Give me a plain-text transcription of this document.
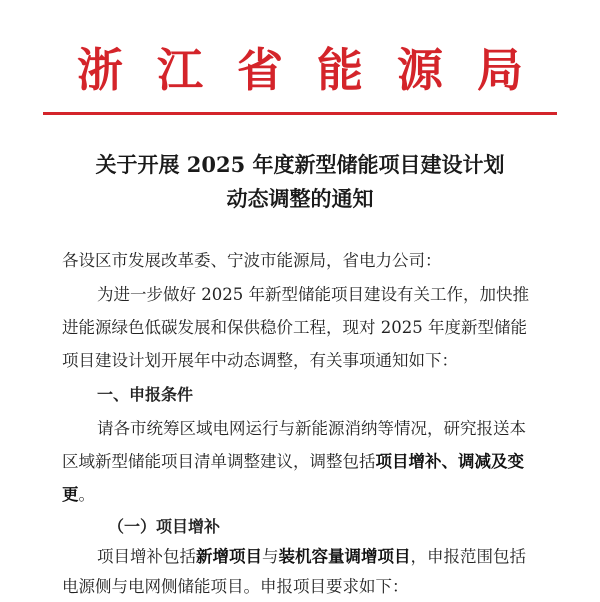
浙江省能源局
关于开展 2025 年度新型储能项目建设计划
动态调整的通知
各设区市发展改革委、宁波市能源局，省电力公司：
为进一步做好 2025 年新型储能项目建设有关工作，加快推
进能源绿色低碳发展和保供稳价工程，现对 2025 年度新型储能
项目建设计划开展年中动态调整，有关事项通知如下：
一、申报条件
请各市统筹区域电网运行与新能源消纳等情况，研究报送本
区域新型储能项目清单调整建议，调整包括项目增补、调减及变
更。
（一）项目增补
项目增补包括新增项目与装机容量调增项目，申报范围包括
电源侧与电网侧储能项目。申报项目要求如下：
